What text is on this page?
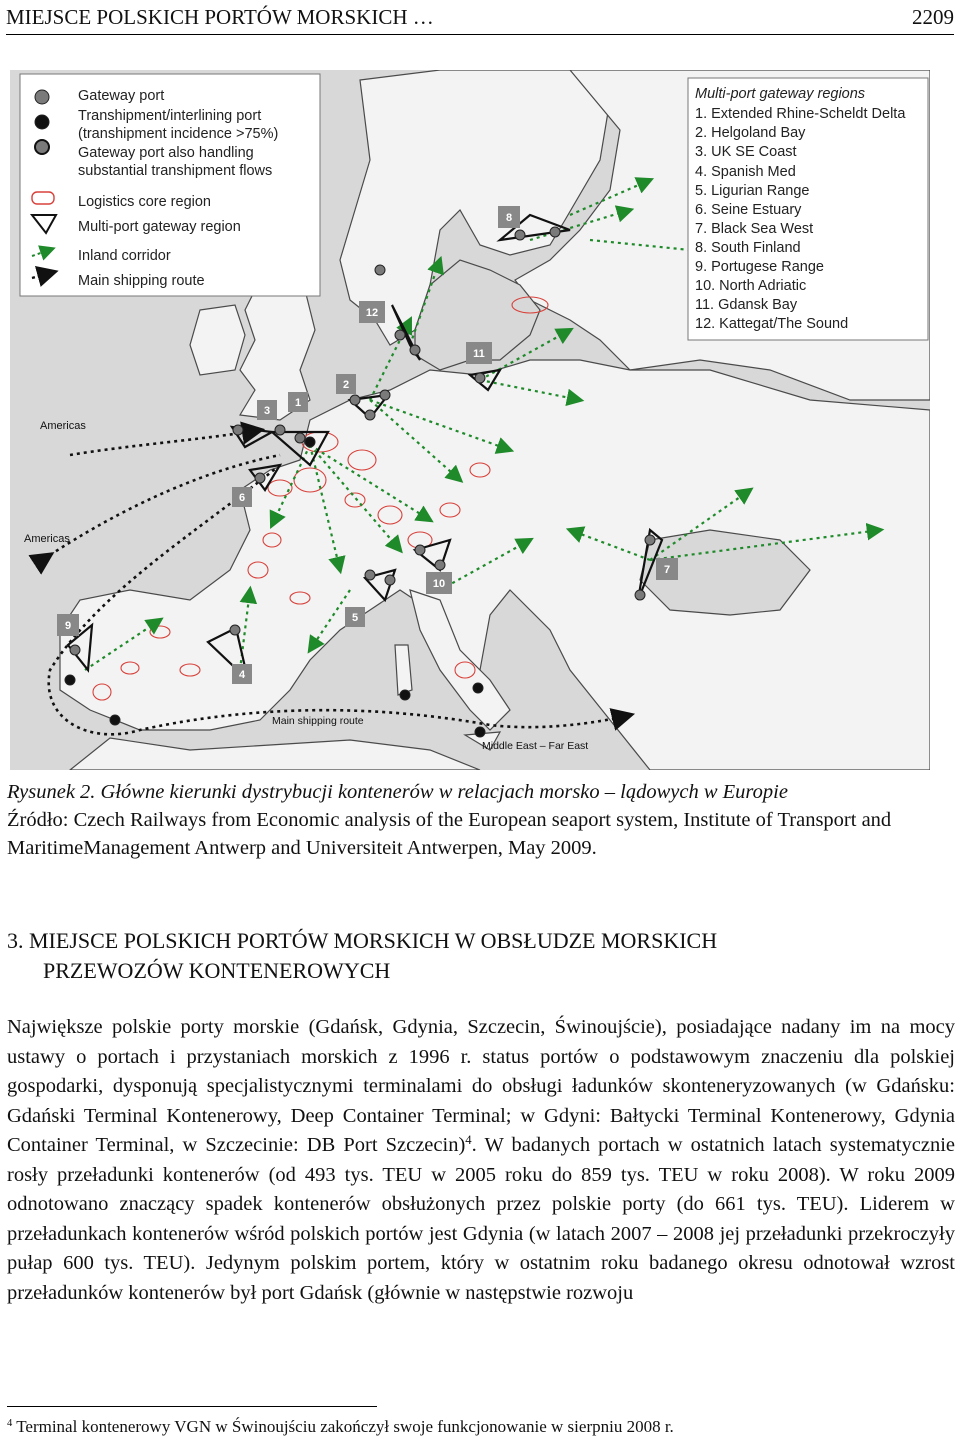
MIEJSCE POLSKICH PORTÓW MORSKICH …	2209
1
2
3
4
5
6
7
8
9
10
11
12
Americas
Americas
Main shipping route
Middle East – Far East
Gateway port
Transhipment/interlining port
(transhipment incidence >75%)
Gateway port also handling
substantial transhipment flows
Logistics core region
Multi-port gateway region
Inland corridor
Main shipping route
Multi-port gateway regions
1. Extended Rhine-Scheldt Delta
2. Helgoland Bay
3. UK SE Coast
4. Spanish Med
5. Ligurian Range
6. Seine Estuary
7. Black Sea West
8. South Finland
9. Portugese Range
10. North Adriatic
11. Gdansk Bay
12. Kattegat/The Sound
Rysunek 2. Główne kierunki dystrybucji kontenerów w relacjach morsko – lądowych w Europie
Źródło: Czech Railways from Economic analysis of the European seaport system, Institute of Transport and MaritimeManagement Antwerp and Universiteit Antwerpen, May 2009.
3. MIEJSCE POLSKICH PORTÓW MORSKICH W OBSŁUDZE MORSKICH
PRZEWOZÓW KONTENEROWYCH
Największe polskie porty morskie (Gdańsk, Gdynia, Szczecin, Świnoujście), posiadające nadany im na mocy ustawy o portach i przystaniach morskich z 1996 r. status portów o podstawowym znaczeniu dla polskiej gospodarki, dysponują specjalistycznymi terminalami do obsługi ładunków skonteneryzowanych (w Gdańsku: Gdański Terminal Kontenerowy, Deep Container Terminal; w Gdyni: Bałtycki Terminal Kontenerowy, Gdynia Container Terminal, w Szczecinie: DB Port Szczecin)$^4$. W badanych portach w ostatnich latach systematycznie rosły przeładunki kontenerów (od 493 tys. TEU w 2005 roku do 859 tys. TEU w roku 2008). W roku 2009 odnotowano znaczący spadek kontenerów obsłużonych przez polskie porty (do 661 tys. TEU). Liderem w przeładunkach kontenerów wśród polskich portów jest Gdynia (w latach 2007 – 2008 jej przeładunki przekroczyły pułap 600 tys. TEU). Jedynym polskim portem, który w ostatnim roku badanego okresu odnotował wzrost przeładunków kontenerów był port Gdańsk (głównie w następstwie rozwoju
$^4$ Terminal kontenerowy VGN w Świnoujściu zakończył swoje funkcjonowanie w sierpniu 2008 r.
